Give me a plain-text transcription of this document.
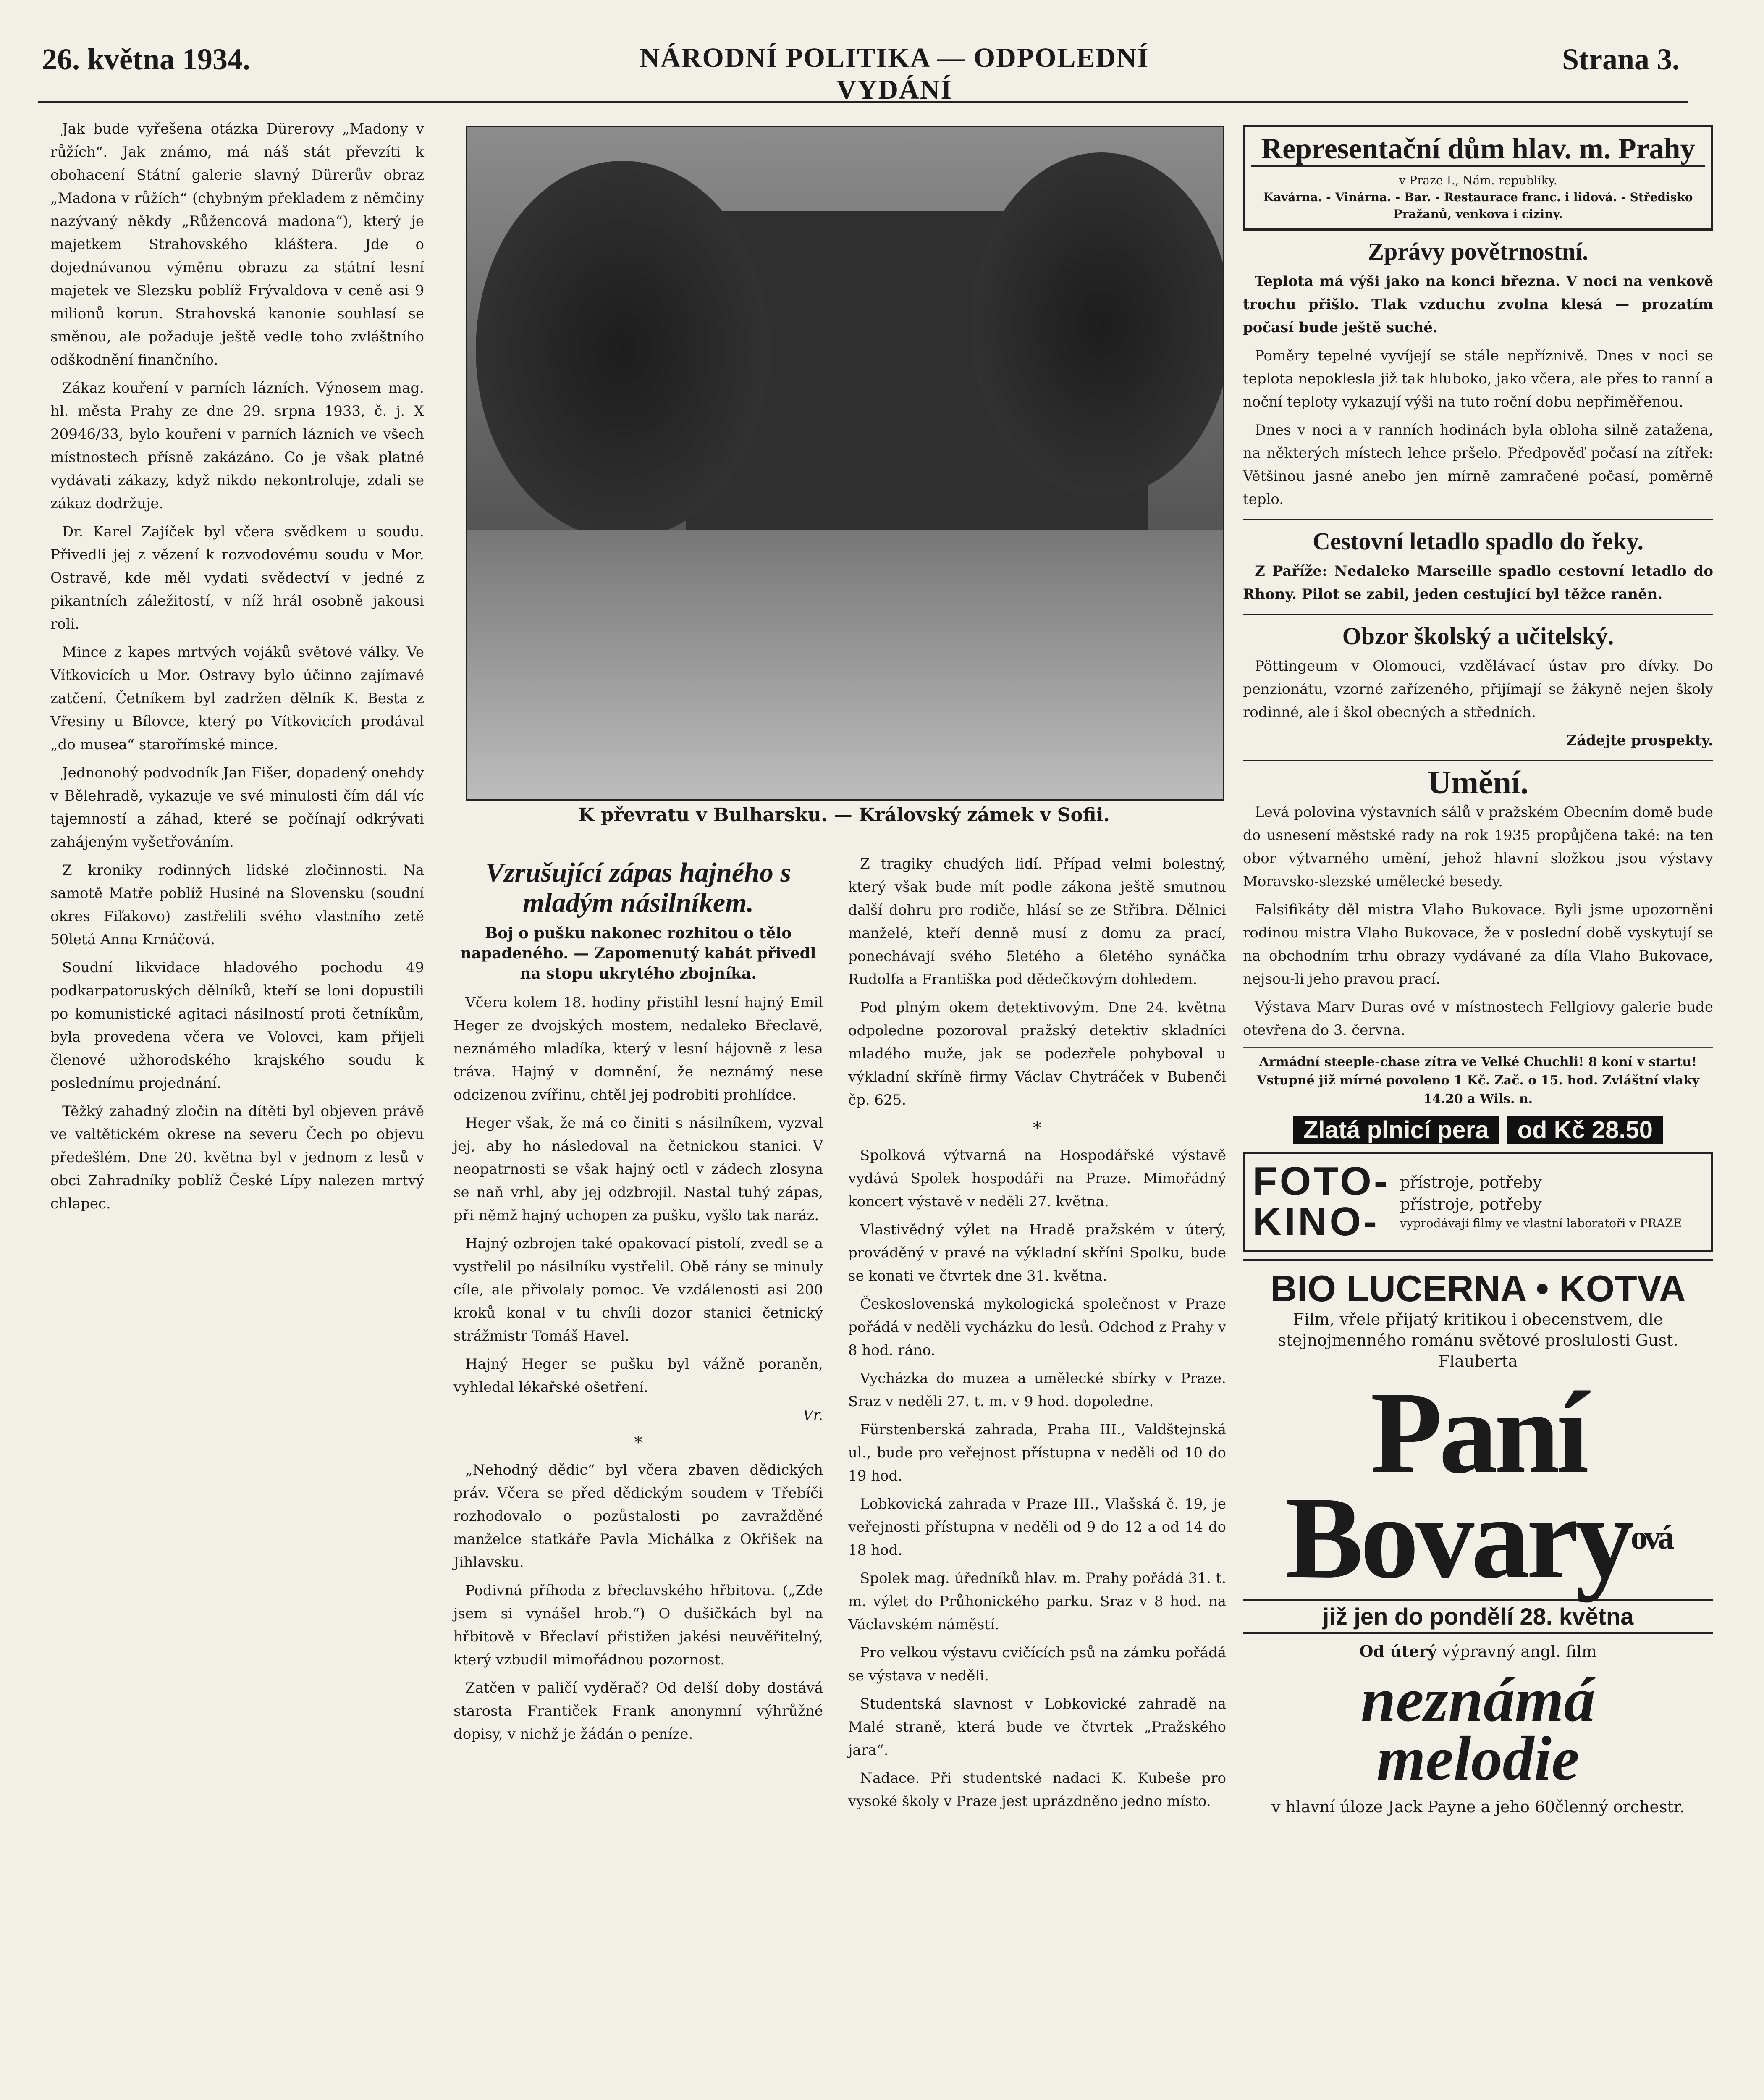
26. května 1934.	NÁRODNÍ POLITIKA — ODPOLEDNÍ VYDÁNÍ
Strana 3.

Jak bude vyřešena otázka Dürerovy „Madony v růžích“. Jak známo, má náš stát převzíti k obohacení Státní galerie slavný Dürerův obraz „Madona v růžích“ (chybným překladem z němčiny nazývaný někdy „Růžencová madona“), který je majetkem Strahovského kláštera. Jde o dojednávanou výměnu obrazu za státní lesní majetek ve Slezsku poblíž Frývaldova v ceně asi 9 milionů korun. Strahovská kanonie souhlasí se směnou, ale požaduje ještě vedle toho zvláštního odškodnění finančního.

Zákaz kouření v parních lázních. Výnosem mag. hl. města Prahy ze dne 29. srpna 1933, č. j. X 20946/33, bylo kouření v parních lázních ve všech místnostech přísně zakázáno. Co je však platné vydávati zákazy, když nikdo nekontroluje, zdali se zákaz dodržuje.

Dr. Karel Zajíček byl včera svědkem u soudu. Přivedli jej z vězení k rozvodovému soudu v Mor. Ostravě, kde měl vydati svědectví v jedné z pikantních záležitostí, v níž hrál osobně jakousi roli.

Mince z kapes mrtvých vojáků světové války. Ve Vítkovicích u Mor. Ostravy bylo účinno zajímavé zatčení. Četníkem byl zadržen dělník K. Besta z Vřesiny u Bílovce, který po Vítkovicích prodával „do musea“ starořímské mince.

Jednonohý podvodník Jan Fišer, dopadený onehdy v Bělehradě, vykazuje ve své minulosti čím dál víc tajemností a záhad, které se počínají odkrývati zahájeným vyšetřováním.

Z kroniky rodinných lidské zločinnosti. Na samotě Matře poblíž Husiné na Slovensku (soudní okres Fiľakovo) zastřelili svého vlastního zetě 50letá Anna Krnáčová.

Soudní likvidace hladového pochodu 49 podkarpatoruských dělníků, kteří se loni dopustili po komunistické agitaci násilností proti četníkům, byla provedena včera ve Volovci, kam přijeli členové užhorodského krajského soudu k poslednímu projednání.

Těžký zahadný zločin na dítěti byl objeven právě ve valtětickém okrese na severu Čech po objevu předešlém. Dne 20. května byl v jednom z lesů v obci Zahradníky poblíž České Lípy nalezen mrtvý chlapec.

K převratu v Bulharsku. — Královský zámek v Sofii.
Vzrušující zápas hajného s mladým násilníkem.
Boj o pušku nakonec rozhitou o tělo napadeného. — Zapomenutý kabát přivedl na stopu ukrytého zbojníka.

Včera kolem 18. hodiny přistihl lesní hajný Emil Heger ze dvojských mostem, nedaleko Břeclavě, neznámého mladíka, který v lesní hájovně z lesa tráva. Hajný v domnění, že neznámý nese odcizenou zvířinu, chtěl jej podrobiti prohlídce.

Heger však, že má co činiti s násilníkem, vyzval jej, aby ho následoval na četnickou stanici. V neopatrnosti se však hajný octl v zádech zlosyna se naň vrhl, aby jej odzbrojil. Nastal tuhý zápas, při němž hajný uchopen za pušku, vyšlo tak naráz.

Hajný ozbrojen také opakovací pistolí, zvedl se a vystřelil po násilníku vystřelil. Obě rány se minuly cíle, ale přivolaly pomoc. Ve vzdálenosti asi 200 kroků konal v tu chvíli dozor stanici četnický strážmistr Tomáš Havel.

Hajný Heger se pušku byl vážně poraněn, vyhledal lékařské ošetření.

Vr.
*

„Nehodný dědic“ byl včera zbaven dědických práv. Včera se před dědickým soudem v Třebíči rozhodovalo o pozůstalosti po zavražděné manželce statkáře Pavla Michálka z Okřišek na Jihlavsku.

Podivná příhoda z břeclavského hřbitova. („Zde jsem si vynášel hrob.“) O dušičkách byl na hřbitově v Břeclaví přistižen jakési neuvěřitelný, který vzbudil mimořádnou pozornost.

Zatčen v paličí vyděrač? Od delší doby dostává starosta Frantiček Frank anonymní výhrůžné dopisy, v nichž je žádán o peníze.

Z tragiky chudých lidí. Případ velmi bolestný, který však bude mít podle zákona ještě smutnou další dohru pro rodiče, hlásí se ze Střibra. Dělnici manželé, kteří denně musí z domu za prací, ponechávají svého 5letého a 6letého synáčka Rudolfa a Františka pod dědečkovým dohledem.

Pod plným okem detektivovým. Dne 24. května odpoledne pozoroval pražský detektiv skladníci mladého muže, jak se podezřele pohyboval u výkladní skříně firmy Václav Chytráček v Bubenči čp. 625.

*

Spolková výtvarná na Hospodářské výstavě vydává Spolek hospodáři na Praze. Mimořádný koncert výstavě v neděli 27. května.

Vlastivědný výlet na Hradě pražském v úterý, prováděný v pravé na výkladní skříni Spolku, bude se konati ve čtvrtek dne 31. května.

Československá mykologická společnost v Praze pořádá v neděli vycházku do lesů. Odchod z Prahy v 8 hod. ráno.

Vycházka do muzea a umělecké sbírky v Praze. Sraz v neděli 27. t. m. v 9 hod. dopoledne.

Fürstenberská zahrada, Praha III., Valdštejnská ul., bude pro veřejnost přístupna v neděli od 10 do 19 hod.

Lobkovická zahrada v Praze III., Vlašská č. 19, je veřejnosti přístupna v neděli od 9 do 12 a od 14 do 18 hod.

Spolek mag. úředníků hlav. m. Prahy pořádá 31. t. m. výlet do Průhonického parku. Sraz v 8 hod. na Václavském náměstí.

Pro velkou výstavu cvičících psů na zámku pořádá se výstava v neděli.

Studentská slavnost v Lobkovické zahradě na Malé straně, která bude ve čtvrtek „Pražského jara“.

Nadace. Při studentské nadaci K. Kubeše pro vysoké školy v Praze jest uprázdněno jedno místo.

Representační dům hlav. m. Prahy
v Praze I., Nám. republiky.
Kavárna. - Vinárna. - Bar. - Restaurace franc. i lidová. - Středisko Pražanů, venkova i ciziny.
Zprávy povětrnostní.

Teplota má výši jako na konci března. V noci na venkově trochu přišlo. Tlak vzduchu zvolna klesá — prozatím počasí bude ještě suché.

Poměry tepelné vyvíjejí se stále nepříznivě. Dnes v noci se teplota nepoklesla již tak hluboko, jako včera, ale přes to ranní a noční teploty vykazují výši na tuto roční dobu nepřiměřenou.

Dnes v noci a v ranních hodinách byla obloha silně zatažena, na některých místech lehce pršelo. Předpověď počasí na zítřek: Většinou jasné anebo jen mírně zamračené počasí, poměrně teplo.

Cestovní letadlo spadlo do řeky.

Z Paříže: Nedaleko Marseille spadlo cestovní letadlo do Rhony. Pilot se zabil, jeden cestující byl těžce raněn.

Obzor školský a učitelský.

Pöttingeum v Olomouci, vzdělávací ústav pro dívky. Do penzionátu, vzorné zařízeného, přijímají se žákyně nejen školy rodinné, ale i škol obecných a středních.

Zádejte prospekty.
Umění.

Levá polovina výstavních sálů v pražském Obecním domě bude do usnesení městské rady na rok 1935 propůjčena také: na ten obor výtvarného umění, jehož hlavní složkou jsou výstavy Moravsko-slezské umělecké besedy.

Falsifikáty děl mistra Vlaho Bukovace. Byli jsme upozorněni rodinou mistra Vlaho Bukovace, že v poslední době vyskytují se na obchodním trhu obrazy vydávané za díla Vlaho Bukovace, nejsou-li jeho pravou prací.

Výstava Marv Duras ové v místnostech Fellgiovy galerie bude otevřena do 3. června.

Armádní steeple-chase zítra ve Velké Chuchli! 8 koní v startu! Vstupné již mírné povoleno 1 Kč. Zač. o 15. hod. Zvláštní vlaky 14.20 a Wils. n.
Zlatá plnicí pera	od Kč 28.50
FOTO-
KINO-
přístroje, potřeby
přístroje, potřeby
vyprodávají filmy ve vlastní laboratoři v PRAZE
BIO LUCERNA • KOTVA
Film, vřele přijatý kritikou i obecenstvem, dle stejnojmenného románu světové proslulosti Gust. Flauberta
Paní
Bovary$^{ová}$
již jen do pondělí 28. května
Od úterý výpravný angl. film
neznámá
melodie
v hlavní úloze Jack Payne a jeho 60členný orchestr.
